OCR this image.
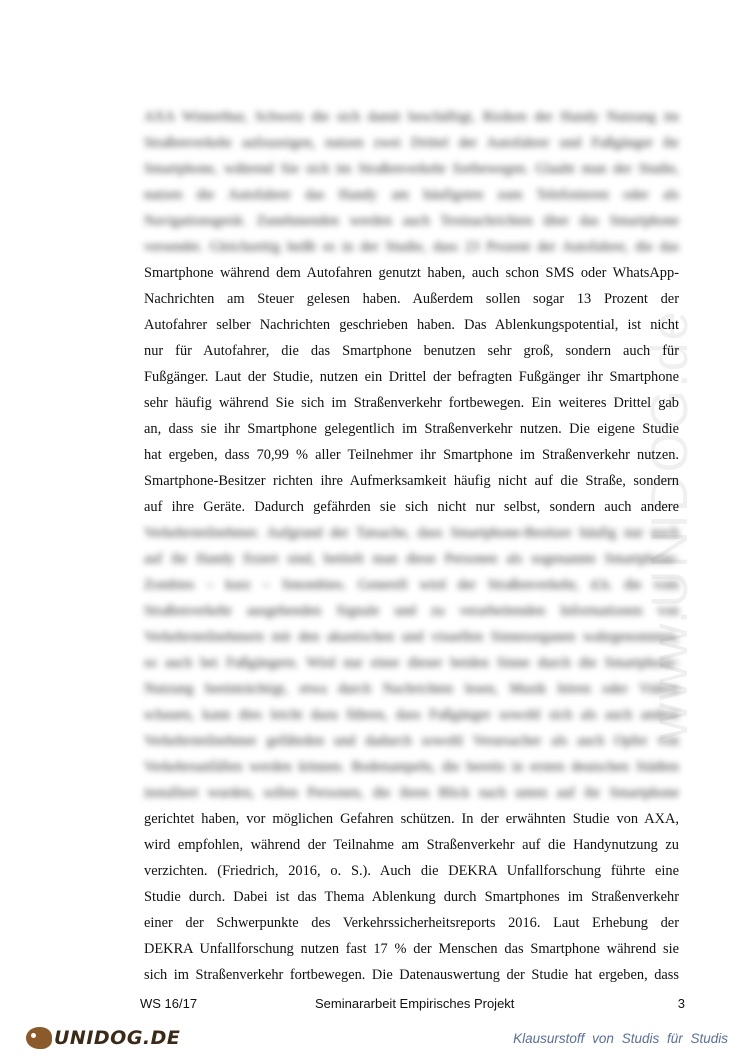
www.UNIDOG.de
AXA Winterthur, Schweiz die sich damit beschäftigt, Risiken der Handy Nutzung im
Straßenverkehr aufzuzeigen, nutzen zwei Drittel der Autofahrer und Fußgänger ihr
Smartphone, während Sie sich im Straßenverkehr fortbewegen. Glaubt man der Studie,
nutzen die Autofahrer das Handy am häufigsten zum Telefonieren oder als
Navigationsgerät. Zunehmenden werden auch Textnachrichten über das Smartphone
versendet. Gleichzeitig heißt es in der Studie, dass 23 Prozent der Autofahrer, die das
Smartphone während dem Autofahren genutzt haben, auch schon SMS oder WhatsApp-
Nachrichten am Steuer gelesen haben. Außerdem sollen sogar 13 Prozent der
Autofahrer selber Nachrichten geschrieben haben. Das Ablenkungspotential, ist nicht
nur für Autofahrer, die das Smartphone benutzen sehr groß, sondern auch für
Fußgänger. Laut der Studie, nutzen ein Drittel der befragten Fußgänger ihr Smartphone
sehr häufig während Sie sich im Straßenverkehr fortbewegen. Ein weiteres Drittel gab
an, dass sie ihr Smartphone gelegentlich im Straßenverkehr nutzen. Die eigene Studie
hat ergeben, dass 70,99 % aller Teilnehmer ihr Smartphone im Straßenverkehr nutzen.
Smartphone-Besitzer richten ihre Aufmerksamkeit häufig nicht auf die Straße, sondern
auf ihre Geräte. Dadurch gefährden sie sich nicht nur selbst, sondern auch andere
Verkehrsteilnehmer. Aufgrund der Tatsache, dass Smartphone-Besitzer häufig nur noch
auf ihr Handy fixiert sind, betitelt man diese Personen als sogenannte Smartphone-
Zombies – kurz – Smombies. Generell wird der Straßenverkehr, d.h. die vom
Straßenverkehr ausgehenden Signale und zu verarbeitenden Informationen von
Verkehrsteilnehmern mit den akustischen und visuellen Sinnesorganen wahrgenommen,
so auch bei Fußgängern. Wird nur einer dieser beiden Sinne durch die Smartphone-
Nutzung beeinträchtigt, etwa durch Nachrichten lesen, Musik hören oder Videos
schauen, kann dies leicht dazu führen, dass Fußgänger sowohl sich als auch andere
Verkehrsteilnehmer gefährden und dadurch sowohl Verursacher als auch Opfer von
Verkehrsunfällen werden können. Bodenampeln, die bereits in ersten deutschen Städten
installiert wurden, sollen Personen, die ihren Blick nach unten auf ihr Smartphone
gerichtet haben, vor möglichen Gefahren schützen. In der erwähnten Studie von AXA,
wird empfohlen, während der Teilnahme am Straßenverkehr auf die Handynutzung zu
verzichten. (Friedrich, 2016, o. S.). Auch die DEKRA Unfallforschung führte eine
Studie durch. Dabei ist das Thema Ablenkung durch Smartphones im Straßenverkehr
einer der Schwerpunkte des Verkehrssicherheitsreports 2016. Laut Erhebung der
DEKRA Unfallforschung nutzen fast 17 % der Menschen das Smartphone während sie
sich im Straßenverkehr fortbewegen. Die Datenauswertung der Studie hat ergeben, dass
WS 16/17	Seminararbeit Empirisches Projekt	3
UNIDOG.DE	Klausurstoff von Studis für Studis
